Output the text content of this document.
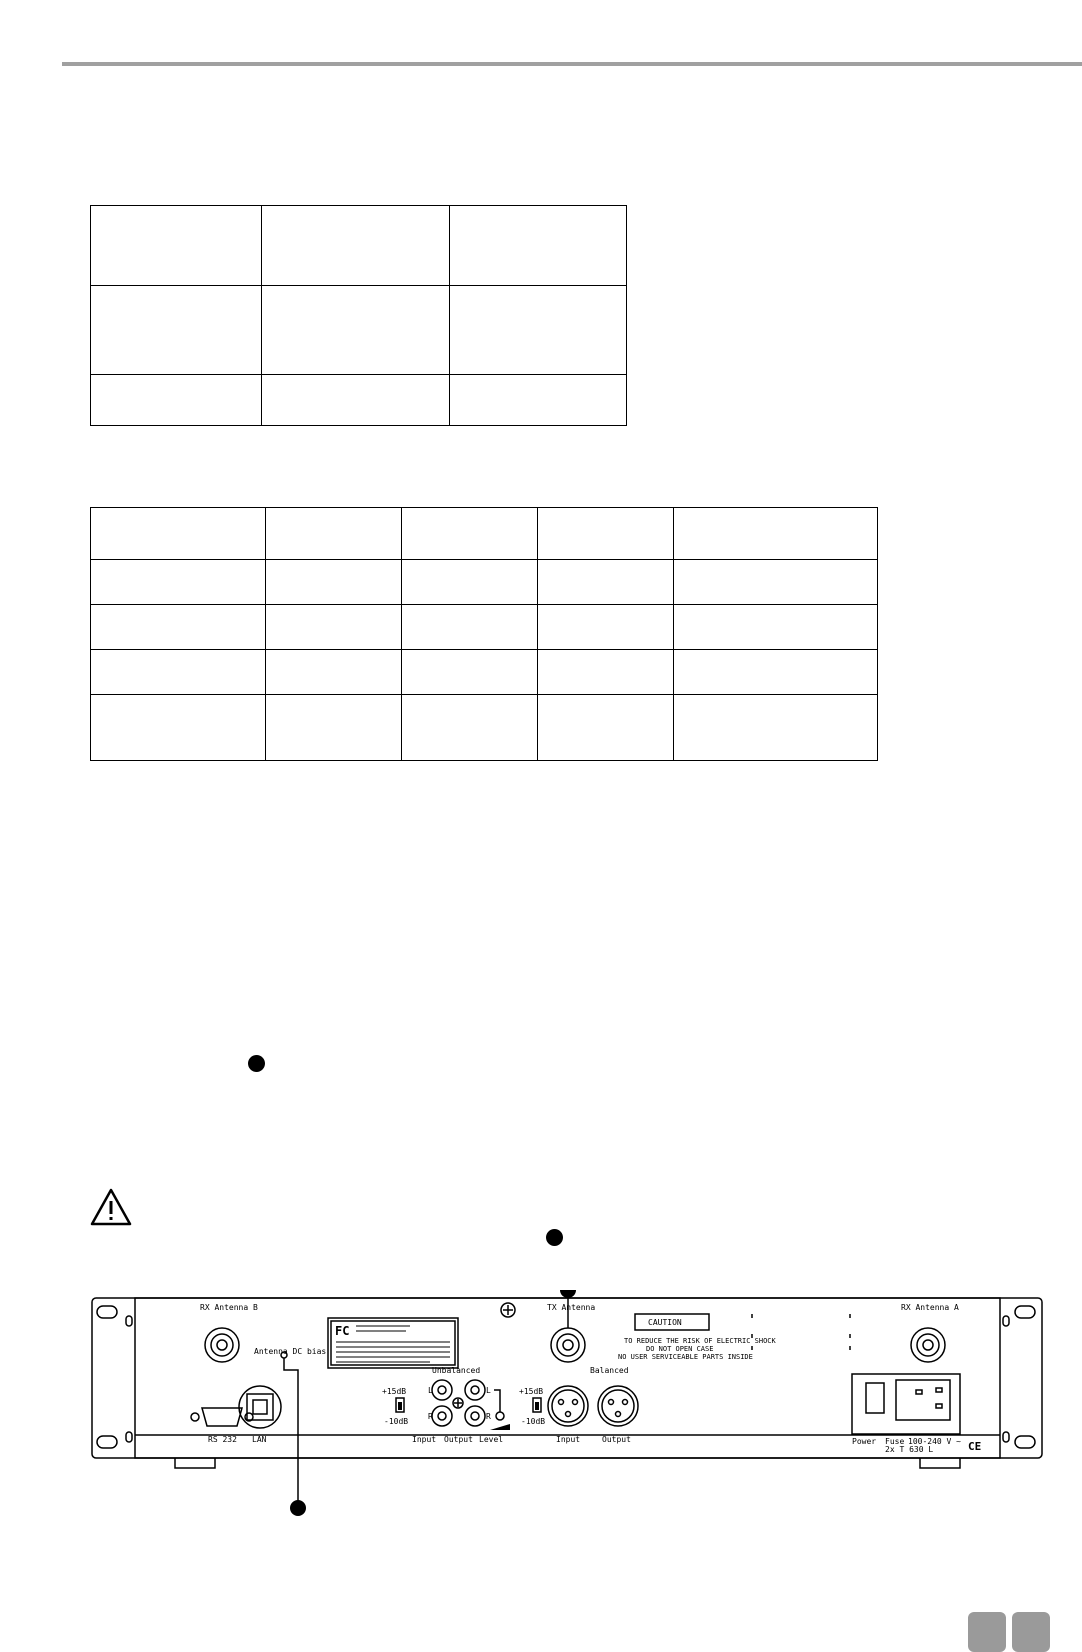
RX Antenna B	TX Antenna	RX Antenna A
Antenna DC bias
RS 232 LAN
Unbalanced	Balanced
L	L
R	R
+15dB
-10dB
+15dB
-10dB
Input Output Level	Input	Output	Power Fuse 100-240 V ~
2x T 630 L
CAUTION
TO REDUCE THE RISK OF ELECTRIC SHOCK
DO NOT OPEN CASE
NO USER SERVICEABLE PARTS INSIDE
CE
FC
